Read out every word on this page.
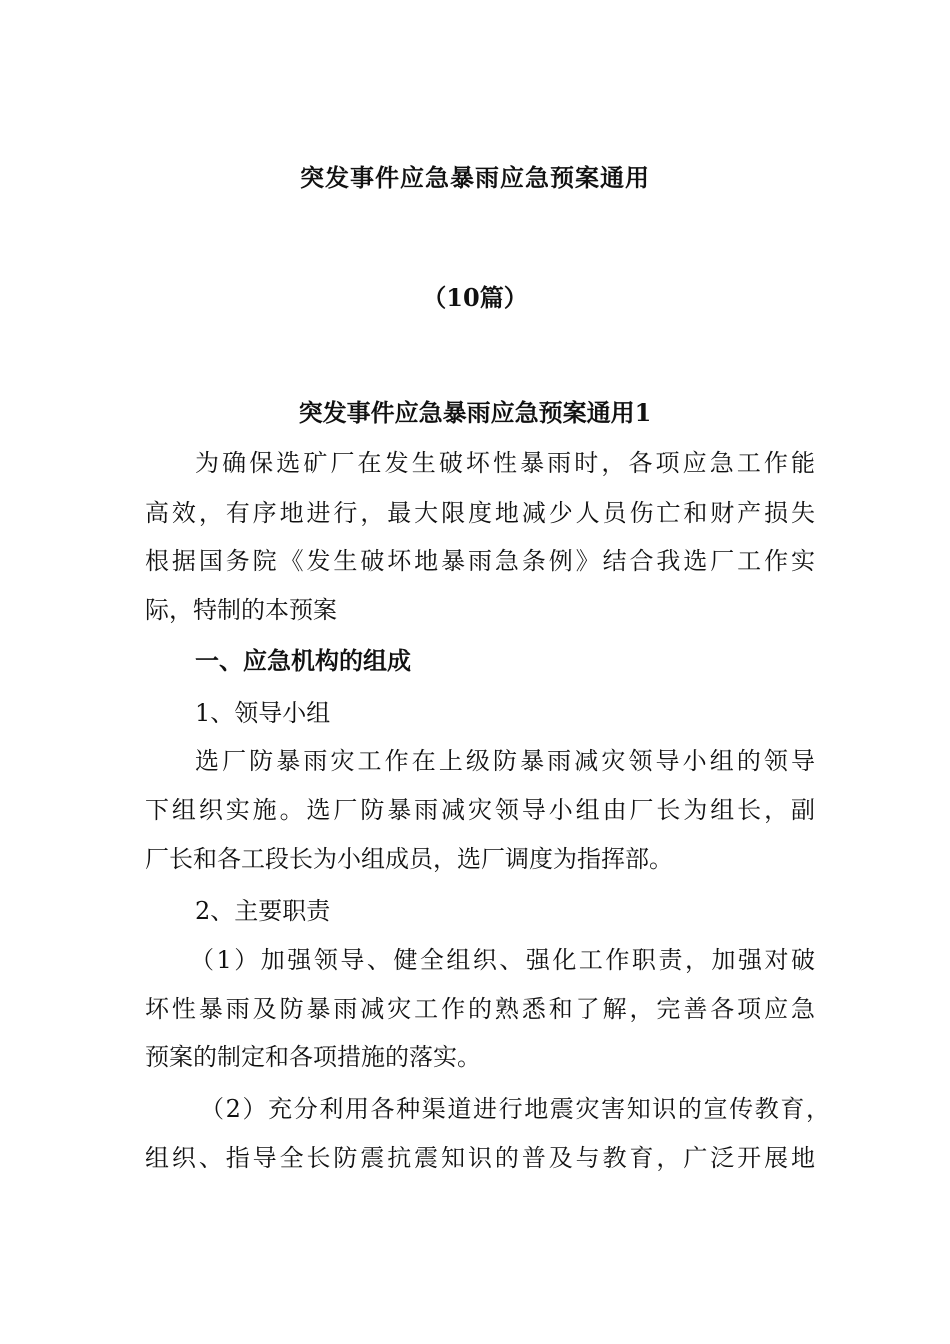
突发事件应急暴雨应急预案通用
（10篇）
突发事件应急暴雨应急预案通用1

为确保选矿厂在发生破坏性暴雨时，各项应急工作能

高效，有序地进行，最大限度地减少人员伤亡和财产损失

根据国务院《发生破坏地暴雨急条例》结合我选厂工作实

际，特制的本预案

一、应急机构的组成

1、领导小组

选厂防暴雨灾工作在上级防暴雨减灾领导小组的领导

下组织实施。选厂防暴雨减灾领导小组由厂长为组长，副

厂长和各工段长为小组成员，选厂调度为指挥部。

2、主要职责

（1）加强领导、健全组织、强化工作职责，加强对破

坏性暴雨及防暴雨减灾工作的熟悉和了解，完善各项应急

预案的制定和各项措施的落实。

（2）充分利用各种渠道进行地震灾害知识的宣传教育，

组织、指导全长防震抗震知识的普及与教育，广泛开展地
